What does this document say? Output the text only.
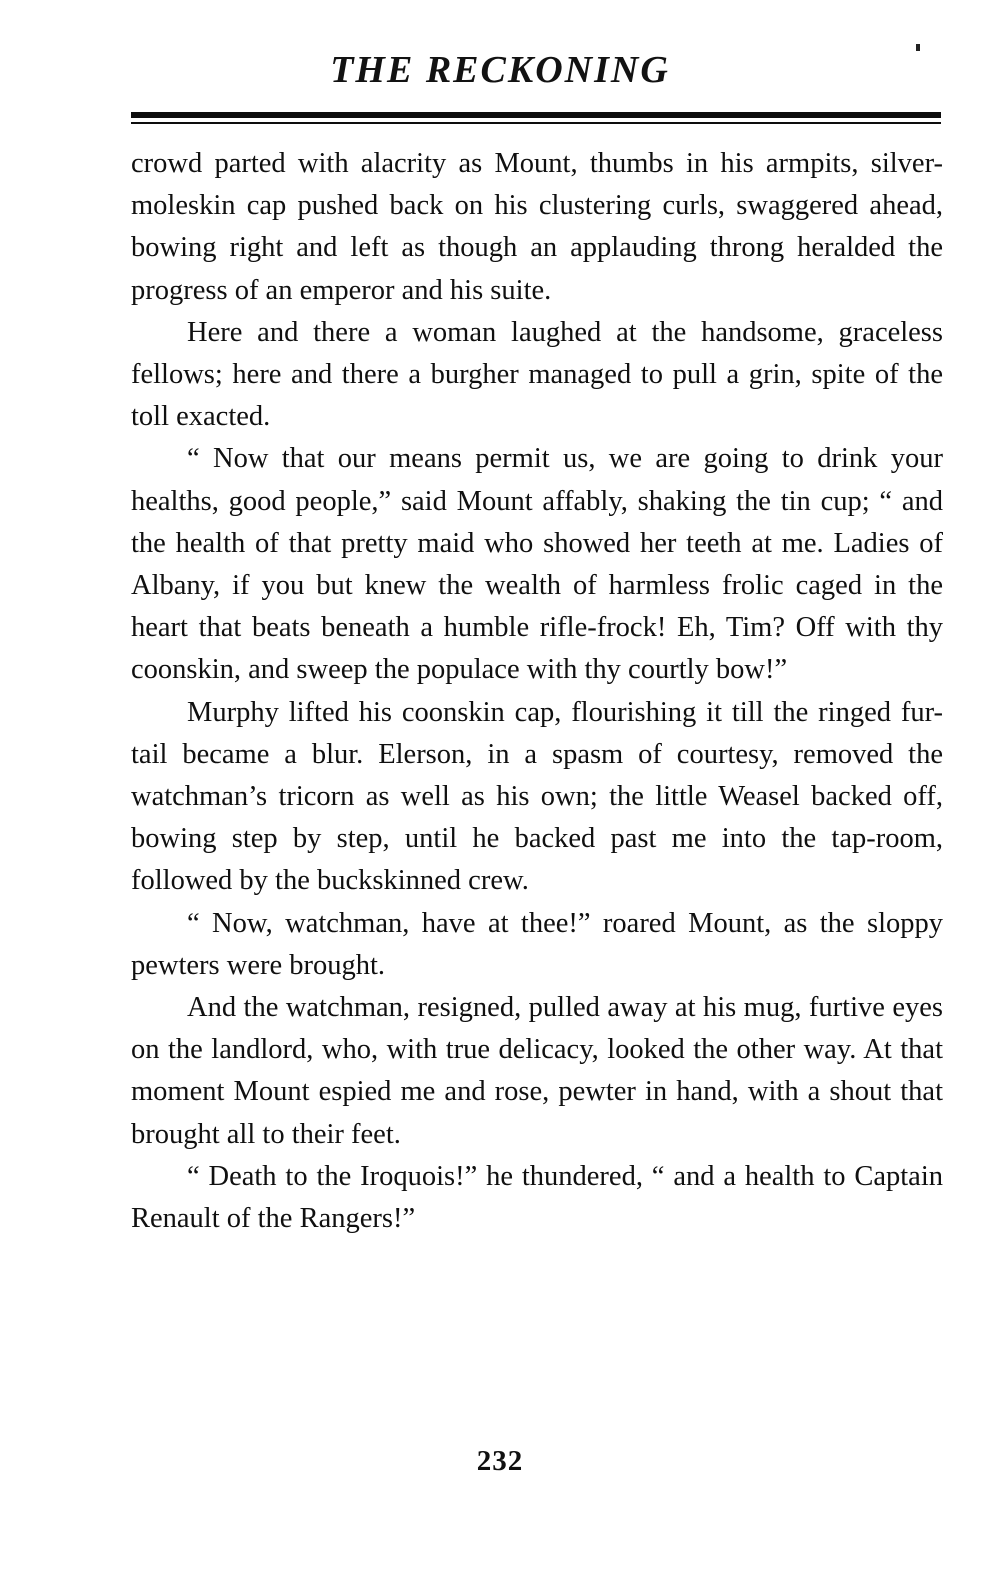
THE RECKONING

crowd parted with alacrity as Mount, thumbs in his armpits, silver-moleskin cap pushed back on his clustering curls, swaggered ahead, bowing right and left as though an applauding throng heralded the progress of an emperor and his suite.

Here and there a woman laughed at the handsome, graceless fellows; here and there a burgher managed to pull a grin, spite of the toll exacted.

“ Now that our means permit us, we are going to drink your healths, good people,” said Mount affably, shaking the tin cup; “ and the health of that pretty maid who showed her teeth at me. Ladies of Albany, if you but knew the wealth of harmless frolic caged in the heart that beats beneath a humble rifle-frock! Eh, Tim? Off with thy coonskin, and sweep the populace with thy courtly bow!”

Murphy lifted his coonskin cap, flourishing it till the ringed fur-tail became a blur. Elerson, in a spasm of courtesy, removed the watchman’s tricorn as well as his own; the little Weasel backed off, bowing step by step, until he backed past me into the tap-room, followed by the buckskinned crew.

“ Now, watchman, have at thee!” roared Mount, as the sloppy pewters were brought.

And the watchman, resigned, pulled away at his mug, furtive eyes on the landlord, who, with true delicacy, looked the other way. At that moment Mount espied me and rose, pewter in hand, with a shout that brought all to their feet.

“ Death to the Iroquois!” he thundered, “ and a health to Captain Renault of the Rangers!”

232
